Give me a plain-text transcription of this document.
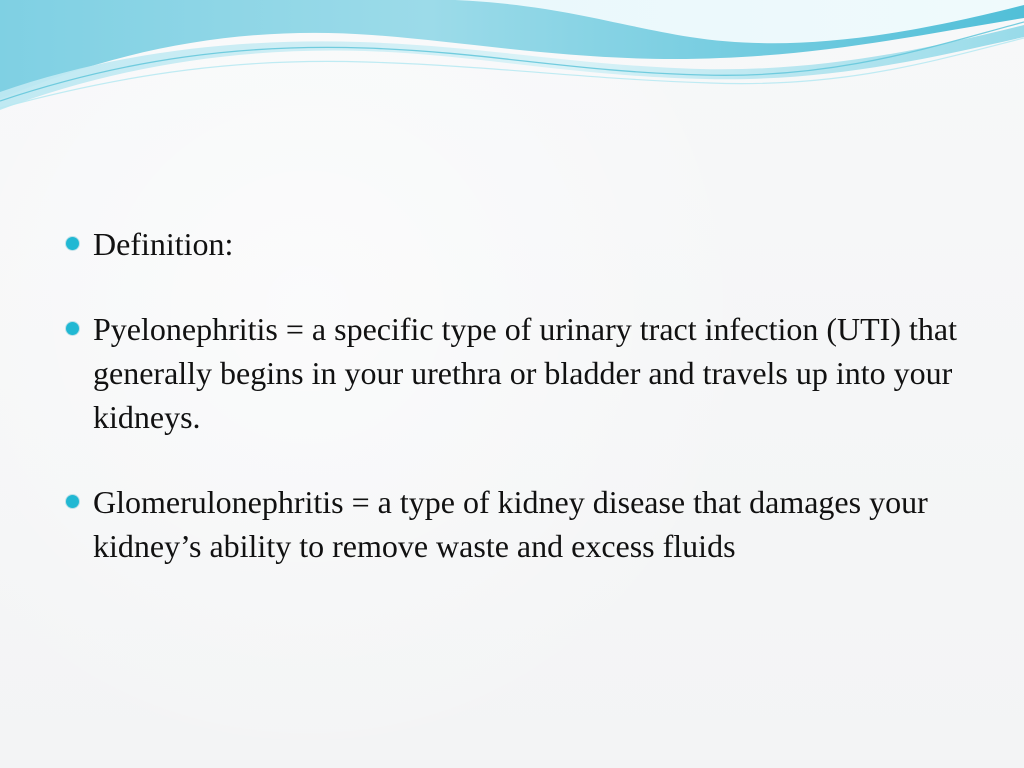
Definition:
Pyelonephritis = a specific type of urinary tract infection (UTI) that generally begins in your urethra or bladder and travels up into your kidneys.
Glomerulonephritis = a type of kidney disease that damages your kidney’s ability to remove waste and excess fluids
